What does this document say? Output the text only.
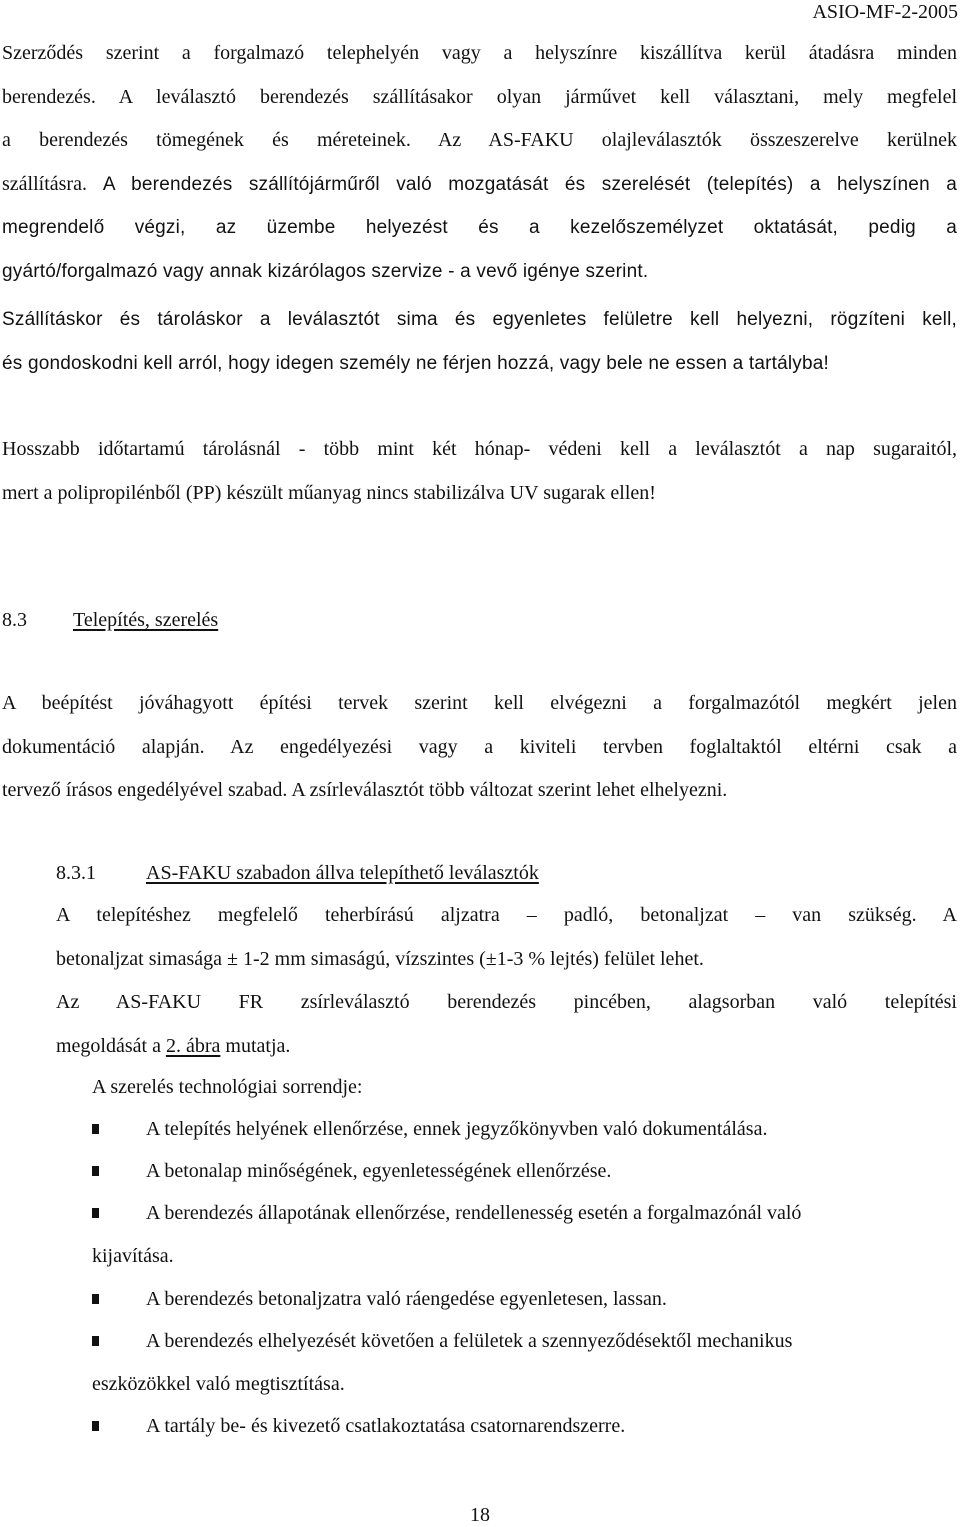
ASIO-MF-2-2005
Szerződés szerint a forgalmazó telephelyén vagy a helyszínre kiszállítva kerül átadásra minden
berendezés. A leválasztó berendezés szállításakor olyan járművet kell választani, mely megfelel
a berendezés tömegének és méreteinek. Az AS-FAKU olajleválasztók összeszerelve kerülnek
szállításra. A berendezés szállítójárműről való mozgatását és szerelését (telepítés) a helyszínen a
megrendelő végzi, az üzembe helyezést és a kezelőszemélyzet oktatását, pedig a
gyártó/forgalmazó vagy annak kizárólagos szervize - a vevő igénye szerint.
Szállításkor és tároláskor a leválasztót sima és egyenletes felületre kell helyezni, rögzíteni kell,
és gondoskodni kell arról, hogy idegen személy ne férjen hozzá, vagy bele ne essen a tartályba!
Hosszabb időtartamú tárolásnál - több mint két hónap- védeni kell a leválasztót a nap sugaraitól,
mert a polipropilénből (PP) készült műanyag nincs stabilizálva UV sugarak ellen!
8.3 Telepítés, szerelés
A beépítést jóváhagyott építési tervek szerint kell elvégezni a forgalmazótól megkért jelen
dokumentáció alapján. Az engedélyezési vagy a kiviteli tervben foglaltaktól eltérni csak a
tervező írásos engedélyével szabad. A zsírleválasztót több változat szerint lehet elhelyezni.
8.3.1	AS-FAKU szabadon állva telepíthető leválasztók
A telepítéshez megfelelő teherbírású aljzatra – padló, betonaljzat – van szükség. A
betonaljzat simasága ± 1-2 mm simaságú, vízszintes (±1-3 % lejtés) felület lehet.
Az AS-FAKU FR zsírleválasztó berendezés pincében, alagsorban való telepítési
megoldását a 2. ábra mutatja.
A szerelés technológiai sorrendje:
A telepítés helyének ellenőrzése, ennek jegyzőkönyvben való dokumentálása.
A betonalap minőségének, egyenletességének ellenőrzése.
A berendezés állapotának ellenőrzése, rendellenesség esetén a forgalmazónál való
kijavítása.
A berendezés betonaljzatra való ráengedése egyenletesen, lassan.
A berendezés elhelyezését követően a felületek a szennyeződésektől mechanikus
eszközökkel való megtisztítása.
A tartály be- és kivezető csatlakoztatása csatornarendszerre.
18
